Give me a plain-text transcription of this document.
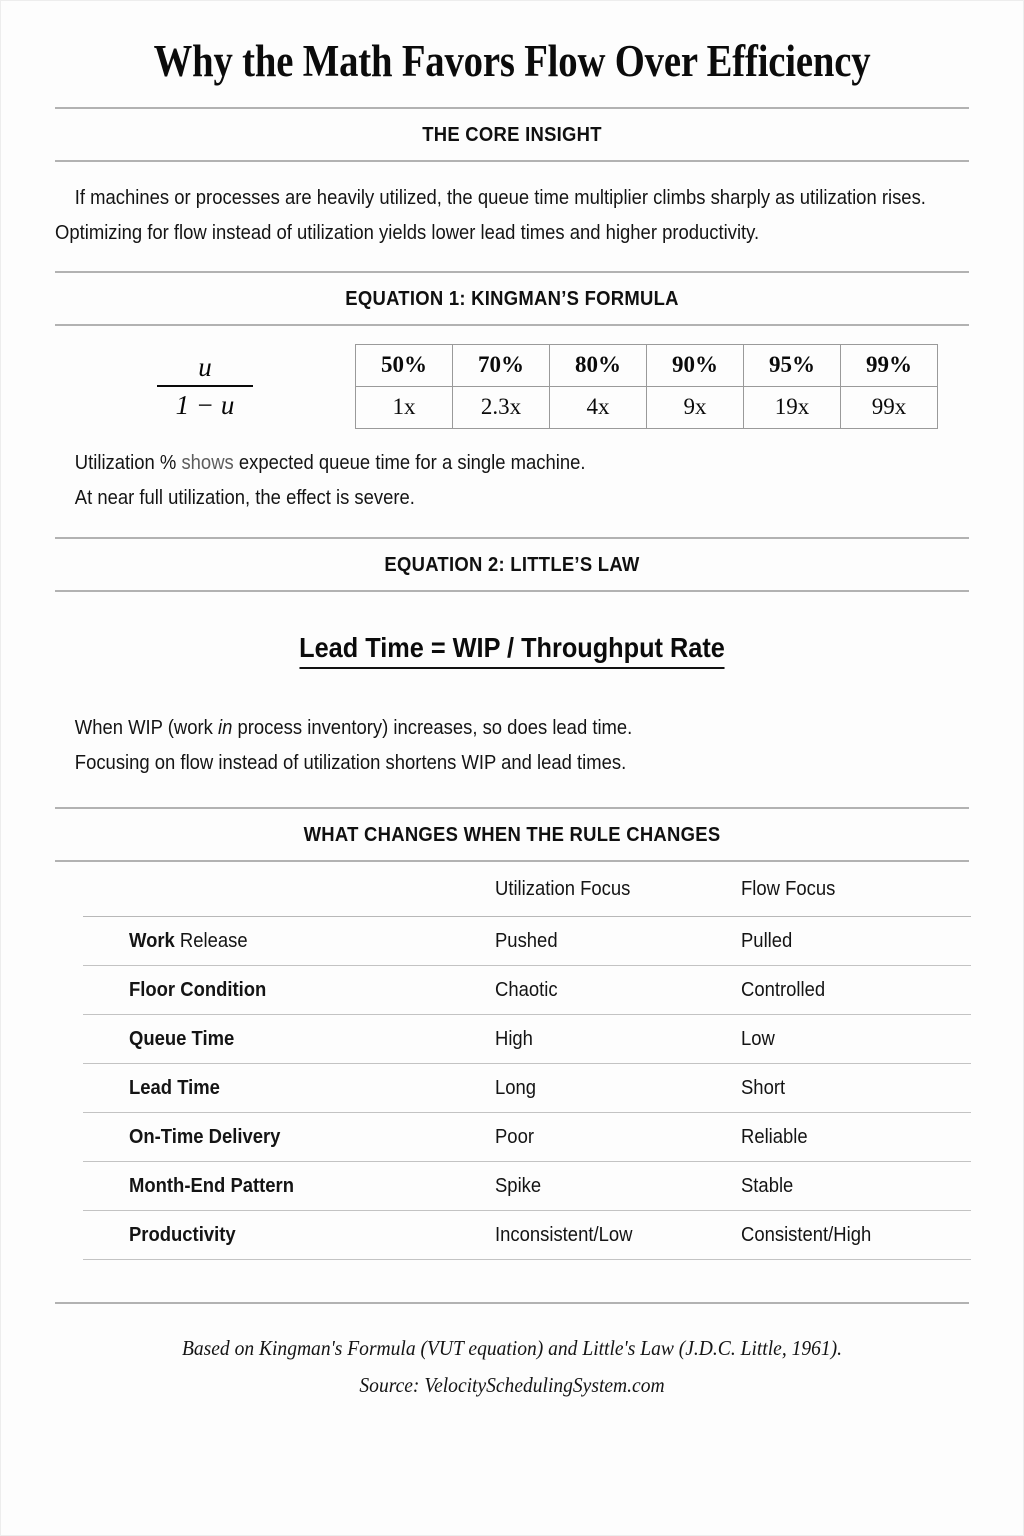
Why the Math Favors Flow Over Efficiency
THE CORE INSIGHT
If machines or processes are heavily utilized, the queue time multiplier climbs sharply as utilization rises.
Optimizing for flow instead of utilization yields lower lead times and higher productivity.
EQUATION 1: KINGMAN’S FORMULA
$\frac{u}{1 - u} 50\%$	70%	80%	90%	95%	99%
1x	2.3x	4x	9x	19x	99x
Utilization % shows expected queue time for a single machine.
At near full utilization, the effect is severe.
EQUATION 2: LITTLE’S LAW
Lead Time = WIP / Throughput Rate
When WIP (work in process inventory) increases, so does lead time.
Focusing on flow instead of utilization shortens WIP and lead times.
WHAT CHANGES WHEN THE RULE CHANGES
	Utilization Focus	Flow Focus
Work Release	Pushed	Pulled
Floor Condition	Chaotic	Controlled
Queue Time	High	Low
Lead Time	Long	Short
On-Time Delivery	Poor	Reliable
Month-End Pattern	Spike	Stable
Productivity	Inconsistent/Low	Consistent/High
Based on Kingman's Formula (VUT equation) and Little's Law (J.D.C. Little, 1961).
Source: VelocitySchedulingSystem.com
